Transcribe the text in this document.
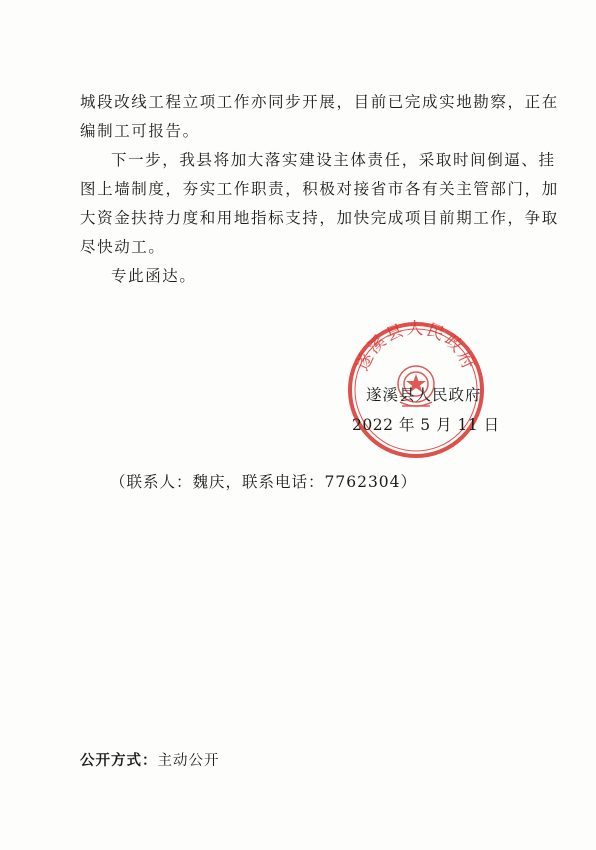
城段改线工程立项工作亦同步开展，目前已完成实地勘察，正在
编制工可报告。

下一步，我县将加大落实建设主体责任，采取时间倒逼、挂
图上墙制度，夯实工作职责，积极对接省市各有关主管部门，加
大资金扶持力度和用地指标支持，加快完成项目前期工作，争取
尽快动工。

专此函达。

遂溪县人民政府
遂溪县人民政府
2022 年 5 月 11 日
（联系人：魏庆，联系电话：7762304）
公开方式：主动公开
